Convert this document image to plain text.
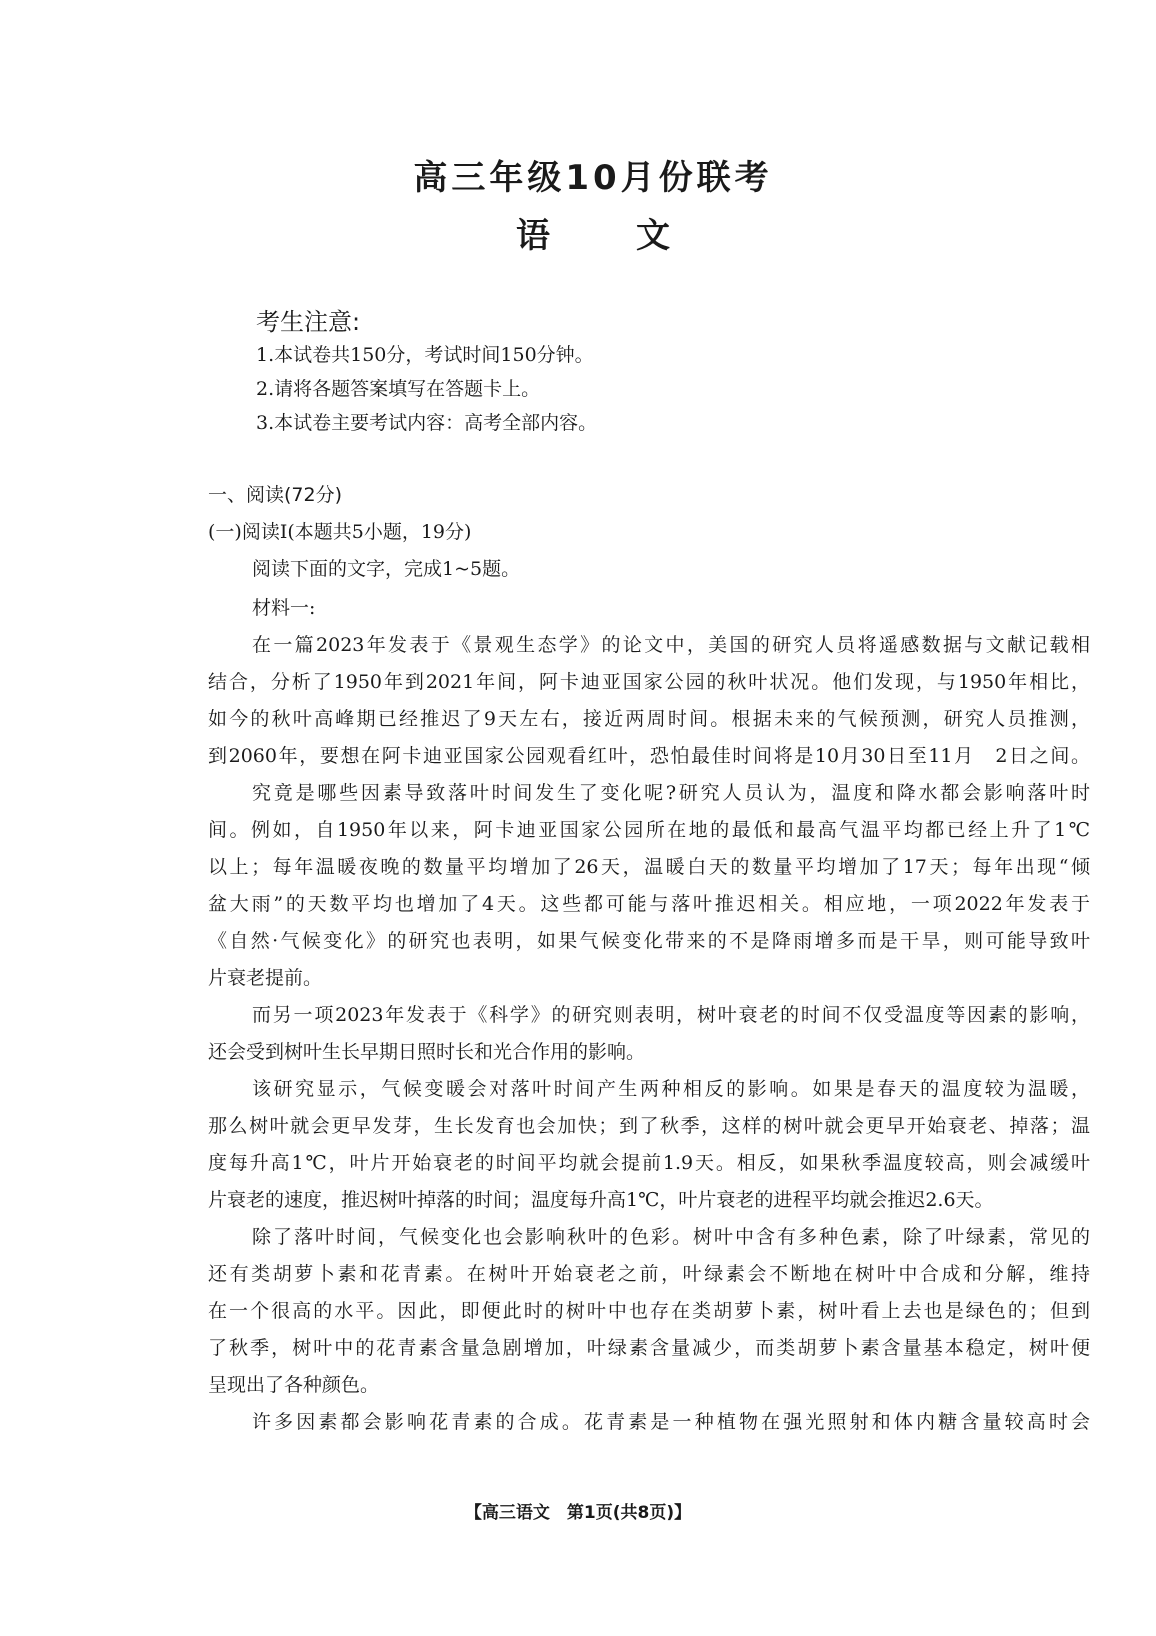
高三年级10月份联考
语文
考生注意:
1.本试卷共150分，考试时间150分钟。
2.请将各题答案填写在答题卡上。
3.本试卷主要考试内容：高考全部内容。
一、阅读(72分)
(一)阅读Ⅰ(本题共5小题，19分)
阅读下面的文字，完成1~5题。
材料一:
在一篇2023年发表于《景观生态学》的论文中，美国的研究人员将遥感数据与文献记载相
结合，分析了1950年到2021年间，阿卡迪亚国家公园的秋叶状况。他们发现，与1950年相比，
如今的秋叶高峰期已经推迟了9天左右，接近两周时间。根据未来的气候预测，研究人员推测，
到2060年，要想在阿卡迪亚国家公园观看红叶，恐怕最佳时间将是10月30日至11月　2日之间。
究竟是哪些因素导致落叶时间发生了变化呢?研究人员认为，温度和降水都会影响落叶时
间。例如，自1950年以来，阿卡迪亚国家公园所在地的最低和最高气温平均都已经上升了1℃
以上；每年温暖夜晚的数量平均增加了26天，温暖白天的数量平均增加了17天；每年出现“倾
盆大雨”的天数平均也增加了4天。这些都可能与落叶推迟相关。相应地，一项2022年发表于
《自然·气候变化》的研究也表明，如果气候变化带来的不是降雨增多而是干旱，则可能导致叶
片衰老提前。
而另一项2023年发表于《科学》的研究则表明，树叶衰老的时间不仅受温度等因素的影响，
还会受到树叶生长早期日照时长和光合作用的影响。
该研究显示，气候变暖会对落叶时间产生两种相反的影响。如果是春天的温度较为温暖，
那么树叶就会更早发芽，生长发育也会加快；到了秋季，这样的树叶就会更早开始衰老、掉落；温
度每升高1℃，叶片开始衰老的时间平均就会提前1.9天。相反，如果秋季温度较高，则会减缓叶
片衰老的速度，推迟树叶掉落的时间；温度每升高1℃，叶片衰老的进程平均就会推迟2.6天。
除了落叶时间，气候变化也会影响秋叶的色彩。树叶中含有多种色素，除了叶绿素，常见的
还有类胡萝卜素和花青素。在树叶开始衰老之前，叶绿素会不断地在树叶中合成和分解，维持
在一个很高的水平。因此，即便此时的树叶中也存在类胡萝卜素，树叶看上去也是绿色的；但到
了秋季，树叶中的花青素含量急剧增加，叶绿素含量减少，而类胡萝卜素含量基本稳定，树叶便
呈现出了各种颜色。
许多因素都会影响花青素的合成。花青素是一种植物在强光照射和体内糖含量较高时会
【高三语文　第1页(共8页)】
